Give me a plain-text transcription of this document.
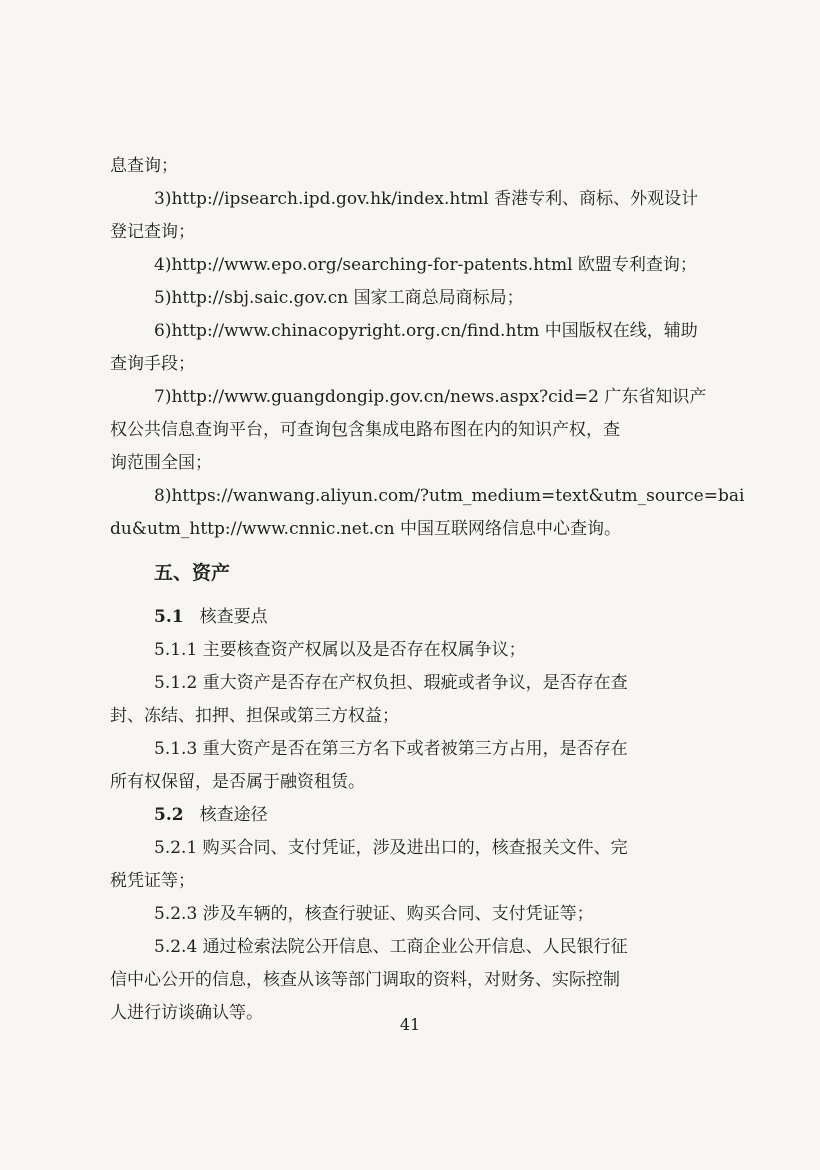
息查询；
3)http://ipsearch.ipd.gov.hk/index.html 香港专利、商标、外观设计
登记查询；
4)http://www.epo.org/searching-for-patents.html 欧盟专利查询；
5)http://sbj.saic.gov.cn 国家工商总局商标局；
6)http://www.chinacopyright.org.cn/find.htm 中国版权在线，辅助
查询手段；
7)http://www.guangdongip.gov.cn/news.aspx?cid=2 广东省知识产
权公共信息查询平台，可查询包含集成电路布图在内的知识产权，查
询范围全国；
8)https://wanwang.aliyun.com/?utm_medium=text&utm_source=bai
du&utm_http://www.cnnic.net.cn 中国互联网络信息中心查询。
五、资产
5.1 核查要点
5.1.1 主要核查资产权属以及是否存在权属争议；
5.1.2 重大资产是否存在产权负担、瑕疵或者争议，是否存在查
封、冻结、扣押、担保或第三方权益；
5.1.3 重大资产是否在第三方名下或者被第三方占用，是否存在
所有权保留，是否属于融资租赁。
5.2 核查途径
5.2.1 购买合同、支付凭证，涉及进出口的，核查报关文件、完
税凭证等；
5.2.3 涉及车辆的，核查行驶证、购买合同、支付凭证等；
5.2.4 通过检索法院公开信息、工商企业公开信息、人民银行征
信中心公开的信息，核查从该等部门调取的资料，对财务、实际控制
人进行访谈确认等。
41
